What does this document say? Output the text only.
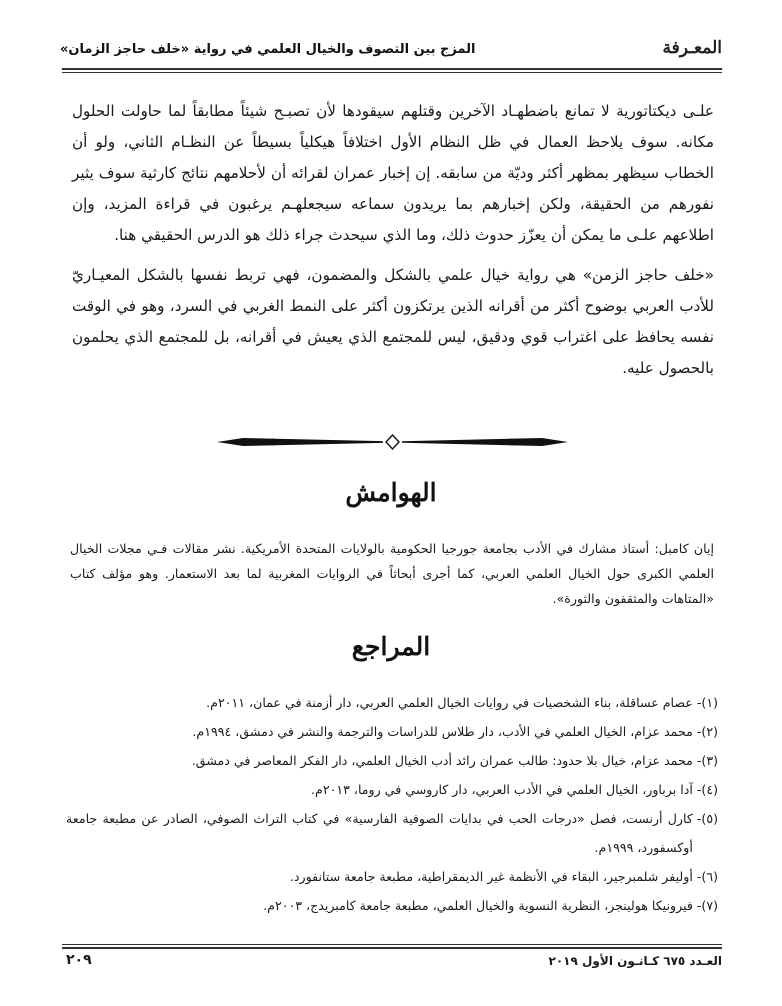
المعـرفة
المزج بين التصوف والخيال العلمي في رواية «خلف حاجز الزمان»

علـى ديكتاتورية لا تمانع باضطهـاد الآخرين وقتلهم سيقودها لأن تصبـح شيئاً مطابقاً لما حاولت الحلول مكانه. سوف يلاحظ العمال في ظل النظام الأول اختلافاً هيكلياً بسيطاً عن النظـام الثاني، ولو أن الخطاب سيظهر بمظهر أكثر وديّة من سابقه. إن إخبار عمران لقرائه أن لأحلامهم نتائج كارثية سوف يثير نفورهم من الحقيقة، ولكن إخبارهم بما يريدون سماعه سيجعلهـم يرغبون في قراءة المزيد، وإن اطلاعهم علـى ما يمكن أن يعزّز حدوث ذلك، وما الذي سيحدث جراء ذلك هو الدرس الحقيقي هنا.

«خلف حاجز الزمن» هي رواية خيال علمي بالشكل والمضمون، فهي تربط نفسها بالشكل المعيـاريّ للأدب العربي بوضوح أكثر من أقرانه الذين يرتكزون أكثر على النمط الغربي في السرد، وهو في الوقت نفسه يحافظ على اغتراب قوي ودقيق، ليس للمجتمع الذي يعيش في أقرانه، بل للمجتمع الذي يحلمون بالحصول عليه.

الهوامش
إيان كامبل: أستاذ مشارك في الأدب بجامعة جورجيا الحكومية بالولايات المتحدة الأمريكية. نشر مقالات فـي مجلات الخيال العلمي الكبرى حول الخيال العلمي العربي، كما أجرى أبحاثاً في الروايات المغربية لما بعد الاستعمار. وهو مؤلف كتاب «المتاهات والمثقفون والثورة».
المراجع
(١)-
عصام عساقلة، بناء الشخصيات في روايات الخيال العلمي العربي، دار أزمنة في عمان، ٢٠١١م.
(٢)-
محمد عزام، الخيال العلمي في الأدب، دار طلاس للدراسات والترجمة والنشر في دمشق، ١٩٩٤م.
(٣)-
محمد عزام، خيال بلا حدود: طالب عمران رائد أدب الخيال العلمي، دار الفكر المعاصر في دمشق.
(٤)-
آدا برباور، الخيال العلمي في الأدب العربي، دار كاروسي في روما، ٢٠١٣م.
(٥)-
كارل أرنست، فصل «درجات الحب في بدايات الصوفية الفارسية» في كتاب التراث الصوفي، الصادر عن مطبعة جامعة أوكسفورد، ١٩٩٩م.
(٦)-
أوليفر شلمبرجير، البقاء في الأنظمة غير الديمقراطية، مطبعة جامعة ستانفورد.
(٧)-
فيرونيكا هولينجر، النظرية النسوية والخيال العلمي، مطبعة جامعة كامبريدج، ٢٠٠٣م.
العـدد ٦٧٥ كـانـون الأول ٢٠١٩
٢٠٩
